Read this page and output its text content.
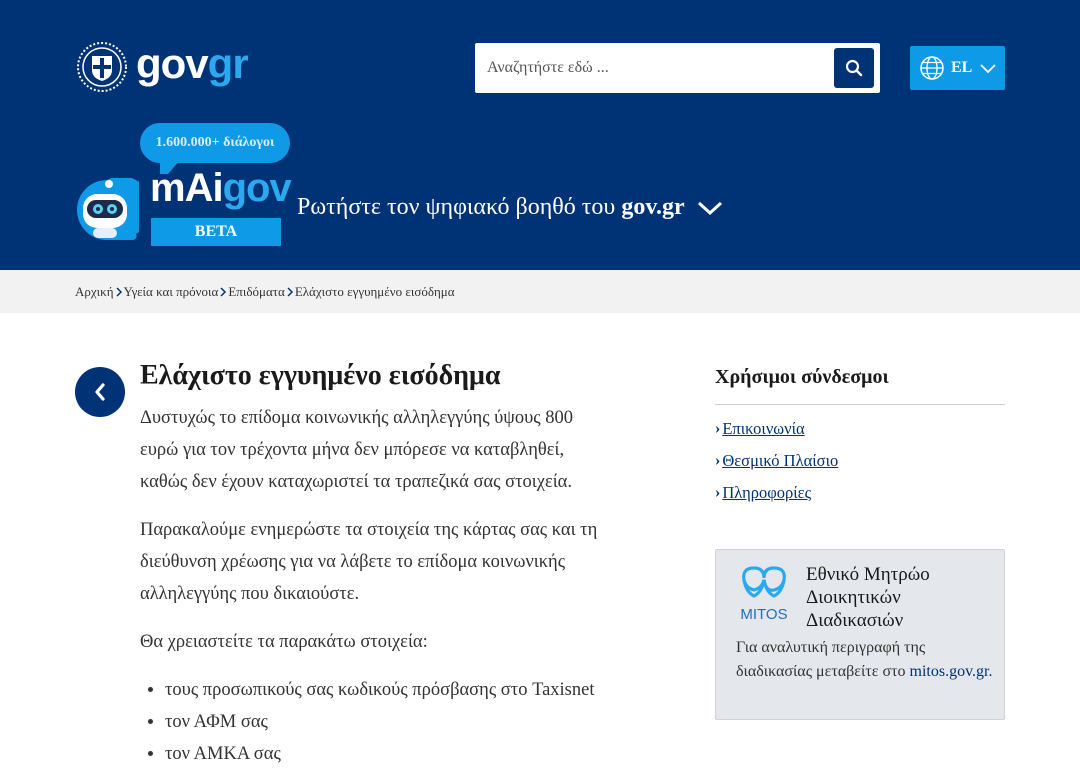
govgr
Αναζητήστε εδώ ...	EL
1.600.000+ διάλογοι
mAigov
BETA
Ρωτήστε τον ψηφιακό βοηθό του gov.gr
Αρχική Υγεία και πρόνοια Επιδόματα Ελάχιστο εγγυημένο εισόδημα
Ελάχιστο εγγυημένο εισόδημα

Δυστυχώς το επίδομα κοινωνικής αλληλεγγύης ύψους 800 ευρώ για τον τρέχοντα μήνα δεν μπόρεσε να καταβληθεί, καθώς δεν έχουν καταχωριστεί τα τραπεζικά σας στοιχεία.

Παρακαλούμε ενημερώστε τα στοιχεία της κάρτας σας και τη διεύθυνση χρέωσης για να λάβετε το επίδομα κοινωνικής αλληλεγγύης που δικαιούστε.

Θα χρειαστείτε τα παρακάτω στοιχεία:

• τους προσωπικούς σας κωδικούς πρόσβασης στο Taxisnet
• τον ΑΦΜ σας
• τον ΑΜΚΑ σας
Χρήσιμοι σύνδεσμοι
› Επικοινωνία
› Θεσμικό Πλαίσιο
› Πληροφορίες
MITOS
Εθνικό Μητρώο Διοικητικών Διαδικασιών
Για αναλυτική περιγραφή της διαδικασίας μεταβείτε στο mitos.gov.gr.
